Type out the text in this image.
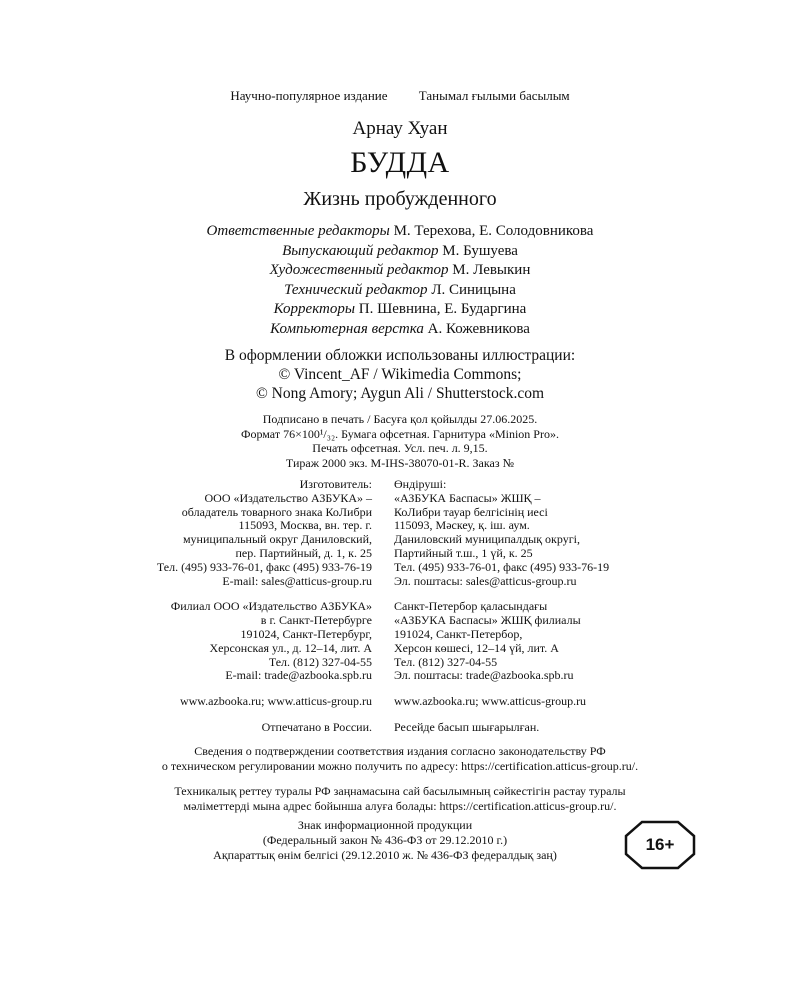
Научно-популярное издание Танымал ғылыми басылым
Арнау Хуан
БУДДА
Жизнь пробужденного
Ответственные редакторы М. Терехова, Е. Солодовникова
Выпускающий редактор М. Бушуева
Художественный редактор М. Левыкин
Технический редактор Л. Синицына
Корректоры П. Шевнина, Е. Бударгина
Компьютерная верстка А. Кожевникова
В оформлении обложки использованы иллюстрации:
© Vincent_AF / Wikimedia Commons;
© Nong Amory; Aygun Ali / Shutterstock.com
Подписано в печать / Басуға қол қойылды 27.06.2025.
Формат 76×100¹/₃₂. Бумага офсетная. Гарнитура «Minion Pro».
Печать офсетная. Усл. печ. л. 9,15.
Тираж 2000 экз. M-IHS-38070-01-R. Заказ №
Изготовитель:
ООО «Издательство АЗБУКА» –
обладатель товарного знака КоЛибри
115093, Москва, вн. тер. г.
муниципальный округ Даниловский,
пер. Партийный, д. 1, к. 25
Тел. (495) 933-76-01, факс (495) 933-76-19
E-mail: sales@atticus-group.ru
Өндіруші:
«АЗБУКА Баспасы» ЖШҚ –
КоЛибри тауар белгісінің иесі
115093, Мәскеу, қ. іш. аум.
Даниловский муниципалдық округі,
Партийный т.ш., 1 үй, к. 25
Тел. (495) 933-76-01, факс (495) 933-76-19
Эл. поштасы: sales@atticus-group.ru
Филиал ООО «Издательство АЗБУКА»
в г. Санкт-Петербурге
191024, Санкт-Петербург,
Херсонская ул., д. 12–14, лит. А
Тел. (812) 327-04-55
E-mail: trade@azbooka.spb.ru
Санкт-Петербор қаласындағы
«АЗБУКА Баспасы» ЖШҚ филиалы
191024, Санкт-Петербор,
Херсон көшесі, 12–14 үй, лит. А
Тел. (812) 327-04-55
Эл. поштасы: trade@azbooka.spb.ru
www.azbooka.ru; www.atticus-group.ru	www.azbooka.ru; www.atticus-group.ru
Отпечатано в России.	Ресейде басып шығарылған.
Сведения о подтверждении соответствия издания согласно законодательству РФ
о техническом регулировании можно получить по адресу: https://certification.atticus-group.ru/.
Техникалық реттеу туралы РФ заңнамасына сай басылымның сәйкестігін растау туралы
мәліметтерді мына адрес бойынша алуға болады: https://certification.atticus-group.ru/.
Знак информационной продукции
(Федеральный закон № 436-ФЗ от 29.12.2010 г.)
Ақпараттық өнім белгісі (29.12.2010 ж. № 436-ФЗ федералдық заң)
16+
